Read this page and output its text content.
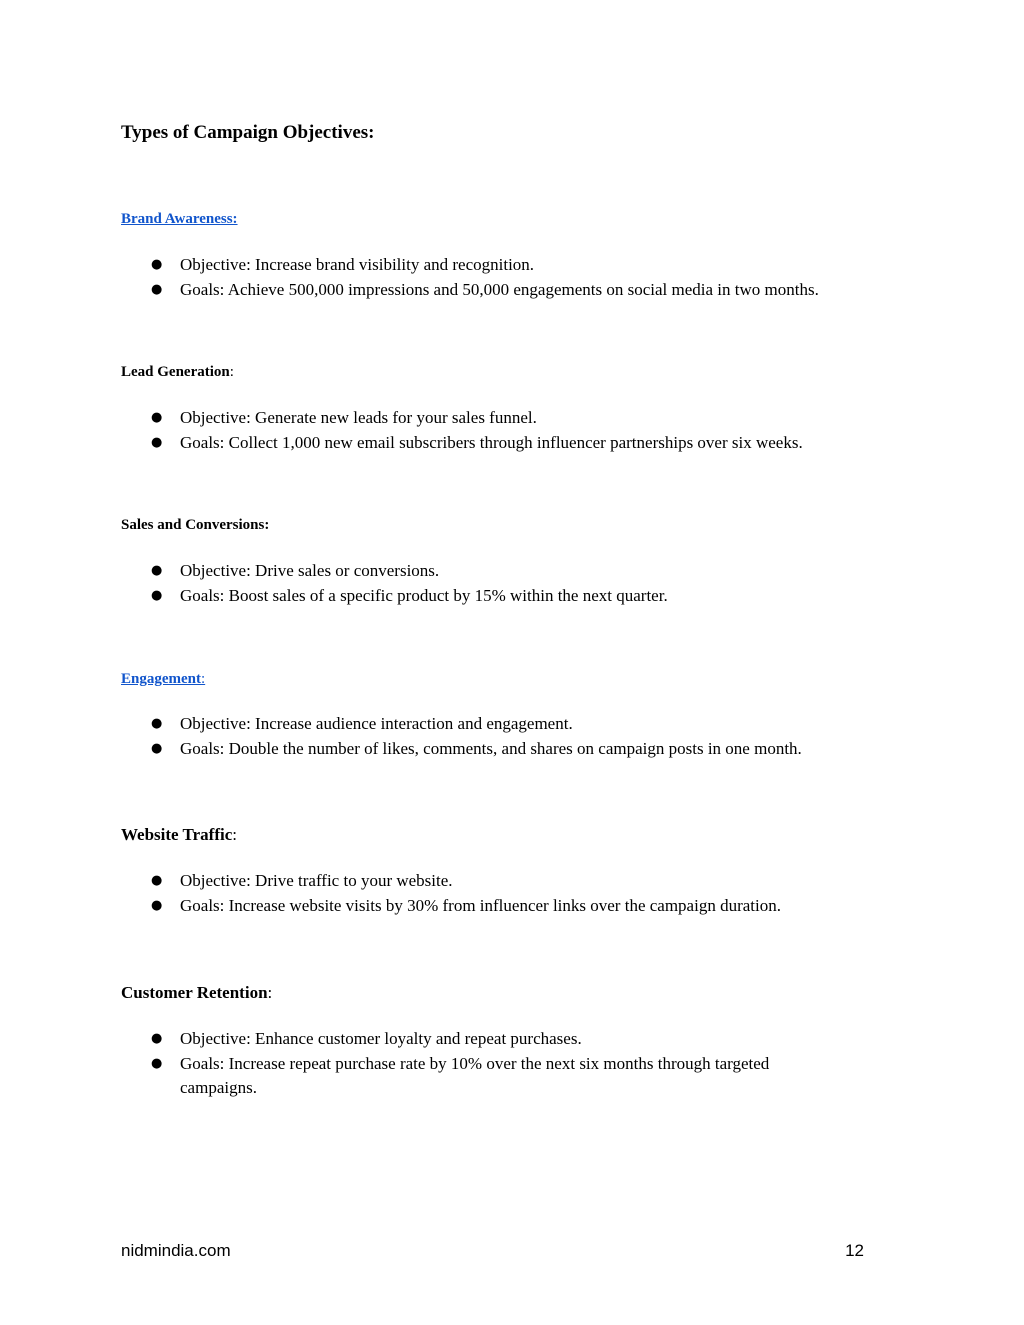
Types of Campaign Objectives:

Brand Awareness:

● Objective: Increase brand visibility and recognition.
● Goals: Achieve 500,000 impressions and 50,000 engagements on social media in two months.

Lead Generation:

● Objective: Generate new leads for your sales funnel.
● Goals: Collect 1,000 new email subscribers through influencer partnerships over six weeks.

Sales and Conversions:

● Objective: Drive sales or conversions.
● Goals: Boost sales of a specific product by 15% within the next quarter.

Engagement:

● Objective: Increase audience interaction and engagement.
● Goals: Double the number of likes, comments, and shares on campaign posts in one month.

Website Traffic:

● Objective: Drive traffic to your website.
● Goals: Increase website visits by 30% from influencer links over the campaign duration.

Customer Retention:

● Objective: Enhance customer loyalty and repeat purchases.
● Goals: Increase repeat purchase rate by 10% over the next six months through targeted campaigns.
nidmindia.com	12
